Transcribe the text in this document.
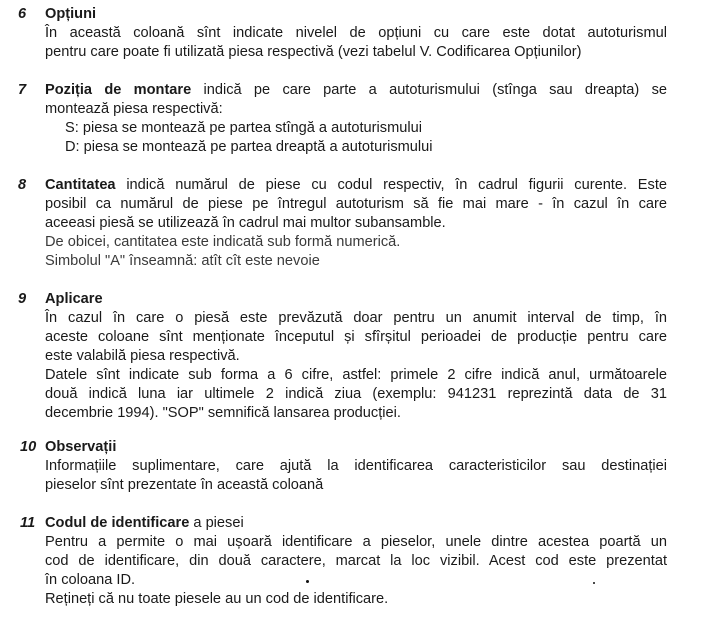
6	Opțiuni
În această coloană sînt indicate nivelel de opțiuni cu care este dotat autoturismul
pentru care poate fi utilizată piesa respectivă (vezi tabelul V. Codificarea Opțiunilor)
7	Poziția de montare indică pe care parte a autoturismului (stînga sau dreapta) se
montează piesa respectivă:
S: piesa se montează pe partea stîngă a autoturismului
D: piesa se montează pe partea dreaptă a autoturismului
8	Cantitatea indică numărul de piese cu codul respectiv, în cadrul figurii curente. Este
posibil ca numărul de piese pe întregul autoturism să fie mai mare - în cazul în care
aceeasi piesă se utilizează în cadrul mai multor subansamble.
De obicei, cantitatea este indicată sub formă numerică.
Simbolul "A" înseamnă: atît cît este nevoie
9	Aplicare
În cazul în care o piesă este prevăzută doar pentru un anumit interval de timp, în
aceste coloane sînt menționate începutul și sfîrșitul perioadei de producție pentru care
este valabilă piesa respectivă.
Datele sînt indicate sub forma a 6 cifre, astfel: primele 2 cifre indică anul, următoarele
două indică luna iar ultimele 2 indică ziua (exemplu: 941231 reprezintă data de 31
decembrie 1994). "SOP" semnifică lansarea producției.
10 Observații
Informațiile suplimentare, care ajută la identificarea caracteristicilor sau destinației
pieselor sînt prezentate în această coloană
11 Codul de identificare a piesei
Pentru a permite o mai ușoară identificare a pieselor, unele dintre acestea poartă un
cod de identificare, din două caractere, marcat la loc vizibil. Acest cod este prezentat
în coloana ID.
Rețineți că nu toate piesele au un cod de identificare.
